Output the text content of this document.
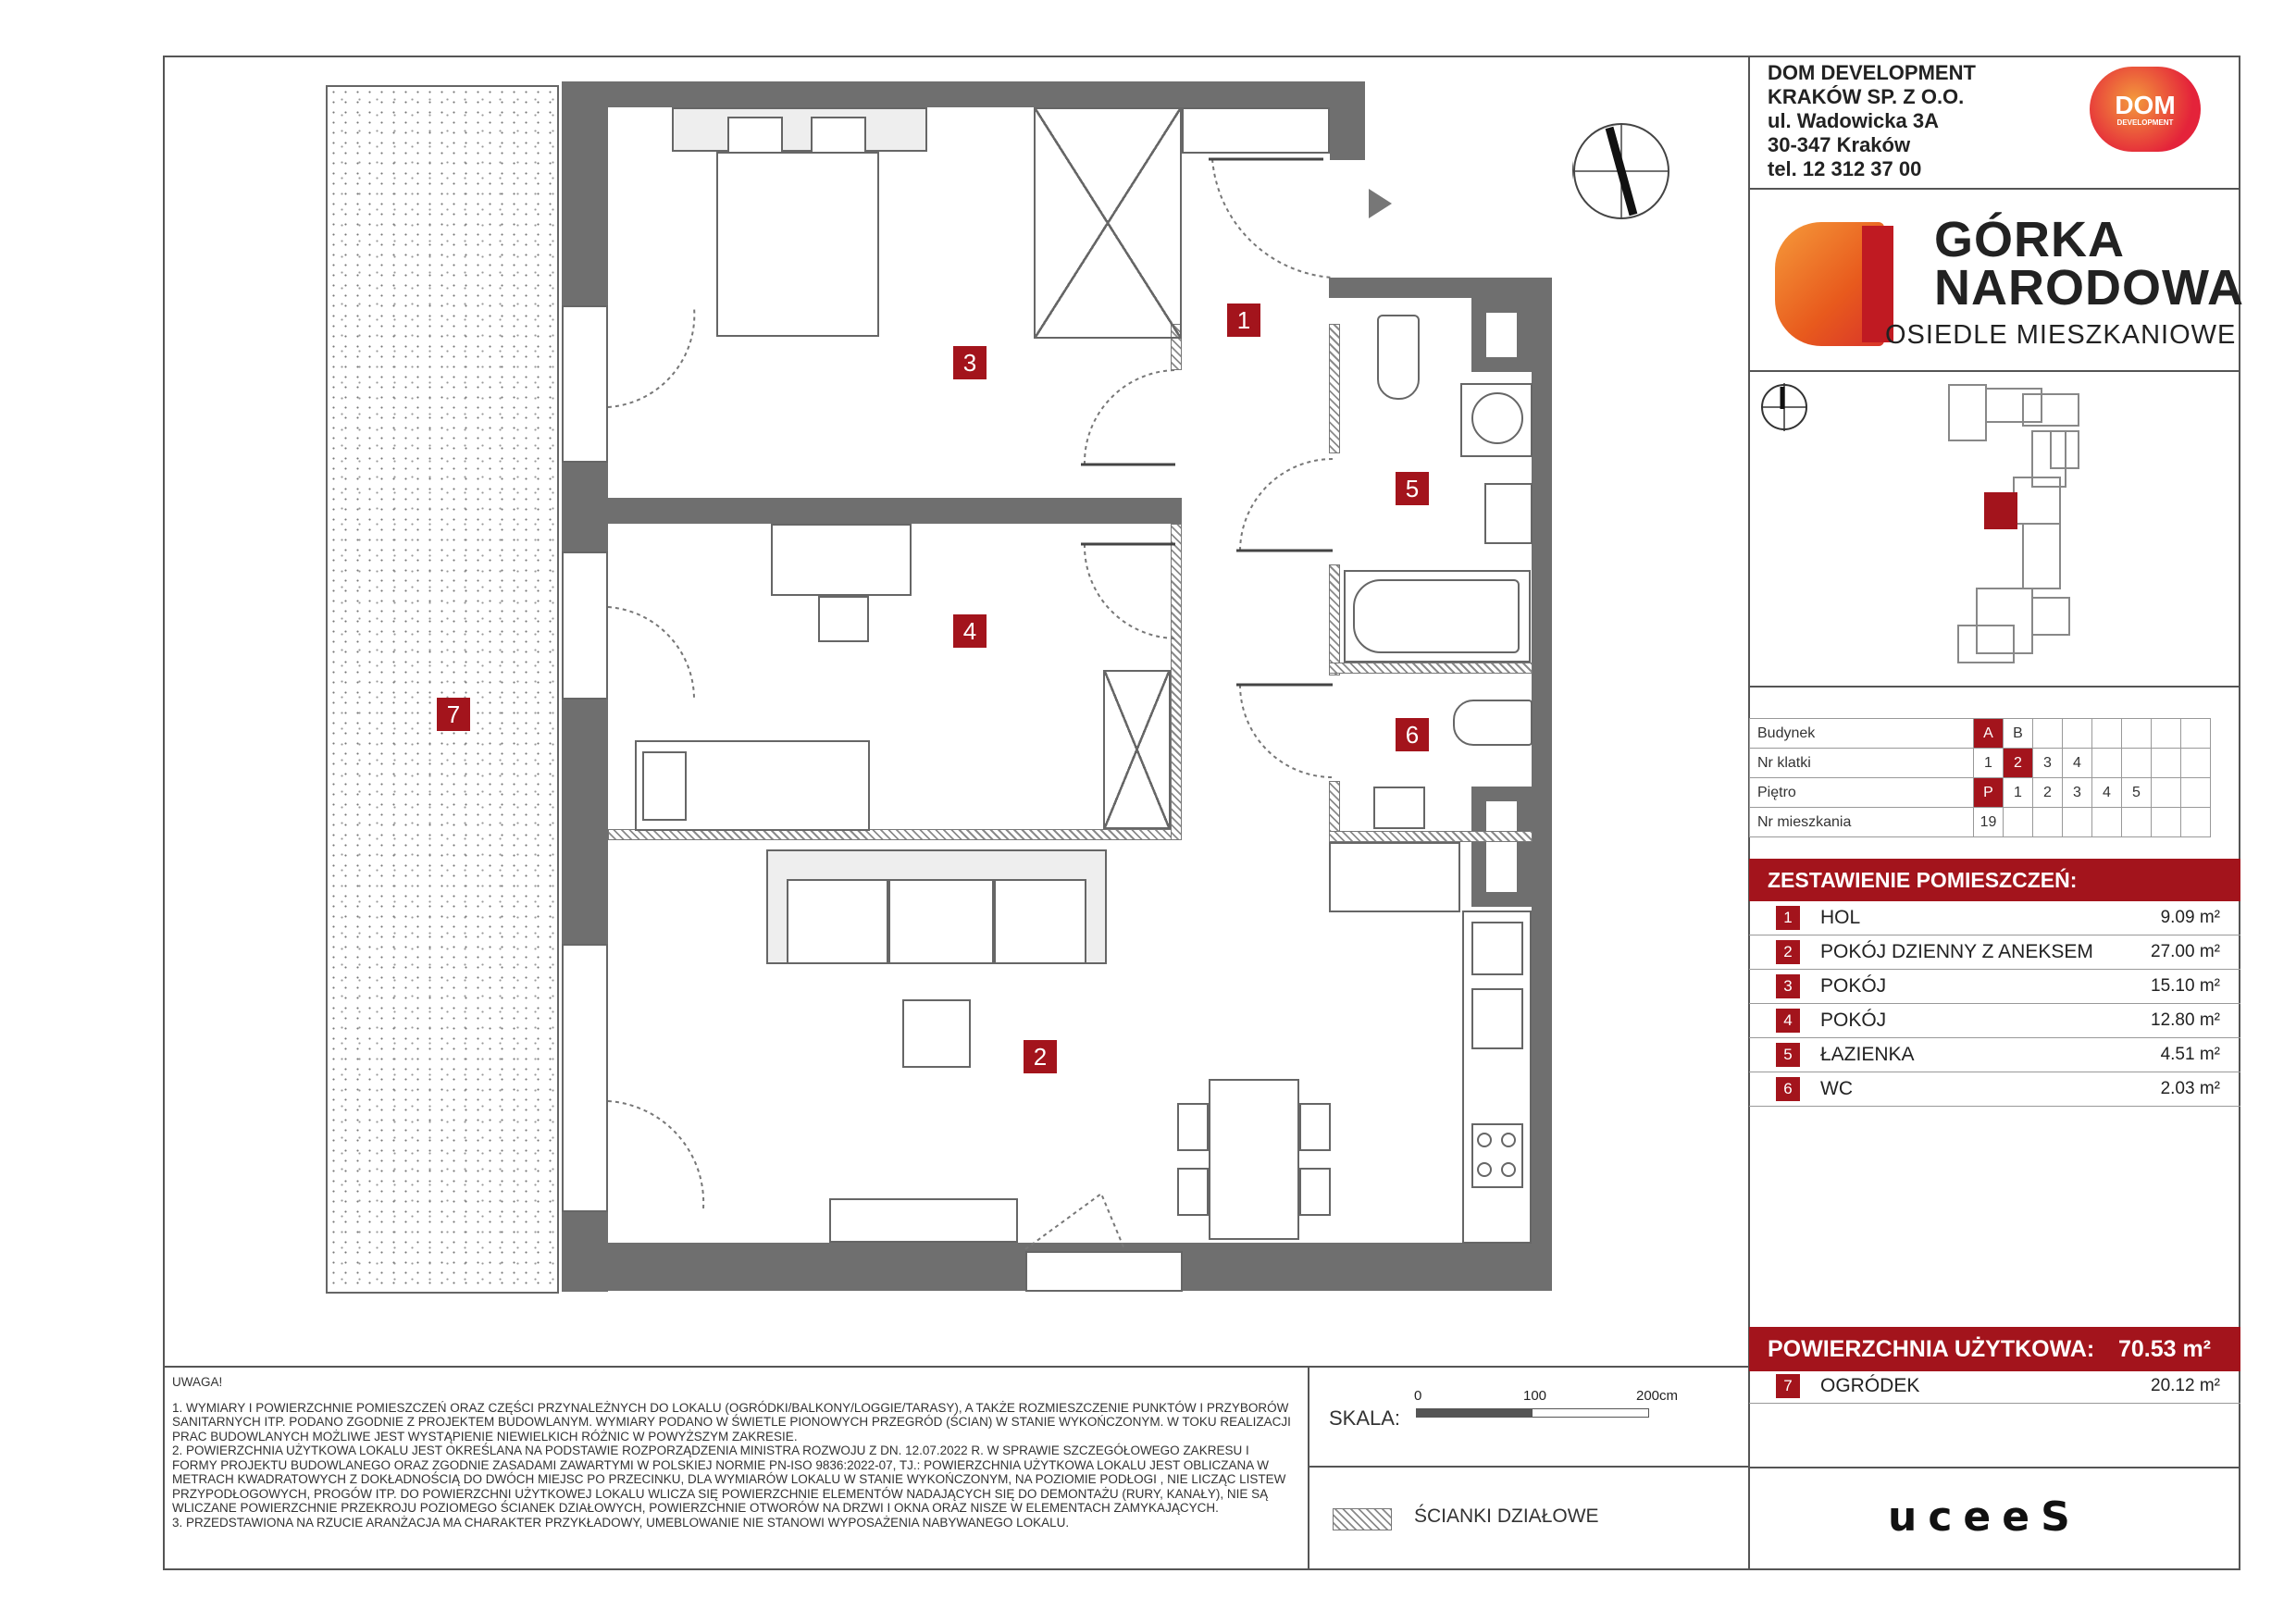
1
2
3
4
5
6
7
DOM DEVELOPMENT
KRAKÓW SP. Z O.O.
ul. Wadowicka 3A
30-347 Kraków
tel. 12 312 37 00
DOM
DEVELOPMENT
GÓRKA
NARODOWA
OSIEDLE MIESZKANIOWE
Budynek	A	B						
Nr klatki	1	2	3	4				
Piętro	P	1	2	3	4	5		
Nr mieszkania	19							
ZESTAWIENIE POMIESZCZEŃ:
1	HOL	9.09 m²
2	POKÓJ DZIENNY Z ANEKSEM	27.00 m²
3	POKÓJ	15.10 m²
4	POKÓJ	12.80 m²
5	ŁAZIENKA	4.51 m²
6	WC	2.03 m²
POWIERZCHNIA UŻYTKOWA: 70.53 m²
7	OGRÓDEK	20.12 m²
uceeS
UWAGA!
1. WYMIARY I POWIERZCHNIE POMIESZCZEŃ ORAZ CZĘŚCI PRZYNALEŻNYCH DO LOKALU (OGRÓDKI/BALKONY/LOGGIE/TARASY), A TAKŻE ROZMIESZCZENIE PUNKTÓW I PRZYBORÓW SANITARNYCH ITP. PODANO ZGODNIE Z PROJEKTEM BUDOWLANYM. WYMIARY PODANO W ŚWIETLE PIONOWYCH PRZEGRÓD (ŚCIAN) W STANIE WYKOŃCZONYM. W TOKU REALIZACJI PRAC BUDOWLANYCH MOŻLIWE JEST WYSTĄPIENIE NIEWIELKICH RÓŻNIC W POWYŻSZYM ZAKRESIE.
2. POWIERZCHNIA UŻYTKOWA LOKALU JEST OKREŚLANA NA PODSTAWIE ROZPORZĄDZENIA MINISTRA ROZWOJU Z DN. 12.07.2022 R. W SPRAWIE SZCZEGÓŁOWEGO ZAKRESU I FORMY PROJEKTU BUDOWLANEGO ORAZ ZGODNIE ZASADAMI ZAWARTYMI W POLSKIEJ NORMIE PN-ISO 9836:2022-07, TJ.: POWIERZCHNIA UŻYTKOWA LOKALU JEST OBLICZANA W METRACH KWADRATOWYCH Z DOKŁADNOŚCIĄ DO DWÓCH MIEJSC PO PRZECINKU, DLA WYMIARÓW LOKALU W STANIE WYKOŃCZONYM, NA POZIOMIE PODŁOGI , NIE LICZĄC LISTEW PRZYPODŁOGOWYCH, PROGÓW ITP. DO POWIERZCHNI UŻYTKOWEJ LOKALU WLICZA SIĘ POWIERZCHNIE ELEMENTÓW NADAJĄCYCH SIĘ DO DEMONTAŻU (RURY, KANAŁY), NIE SĄ WLICZANE POWIERZCHNIE PRZEKROJU POZIOMEGO ŚCIANEK DZIAŁOWYCH, POWIERZCHNIE OTWORÓW NA DRZWI I OKNA ORAZ NISZE W ELEMENTACH ZAMYKAJĄCYCH.
3. PRZEDSTAWIONA NA RZUCIE ARANŻACJA MA CHARAKTER PRZYKŁADOWY, UMEBLOWANIE NIE STANOWI WYPOSAŻENIA NABYWANEGO LOKALU.
SKALA:
0	100	200cm
ŚCIANKI DZIAŁOWE
